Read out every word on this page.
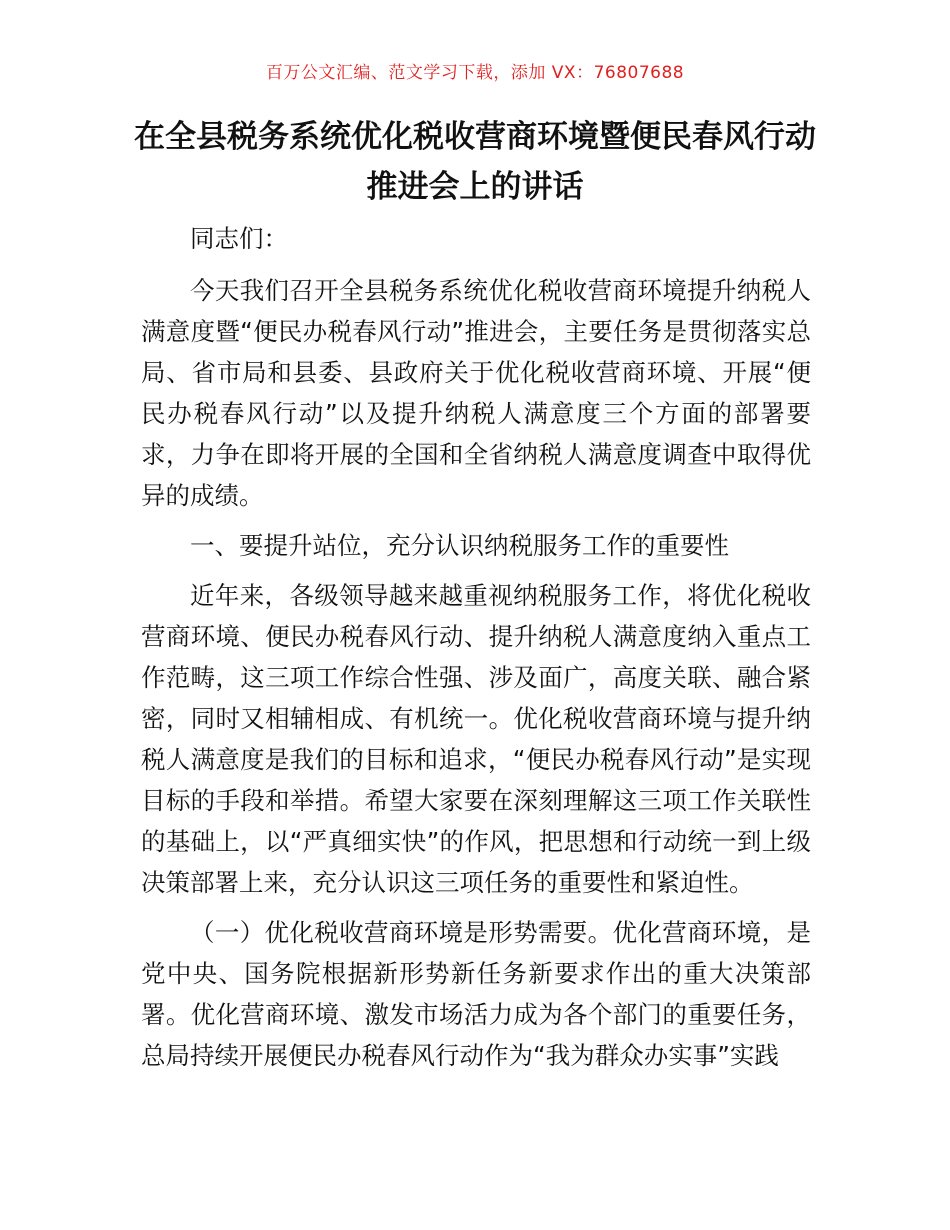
百万公文汇编、范文学习下载，添加 VX：76807688
在全县税务系统优化税收营商环境暨便民春风行动推进会上的讲话

同志们：

今天我们召开全县税务系统优化税收营商环境提升纳税人满意度暨“便民办税春风行动”推进会，主要任务是贯彻落实总局、省市局和县委、县政府关于优化税收营商环境、开展“便民办税春风行动”以及提升纳税人满意度三个方面的部署要求，力争在即将开展的全国和全省纳税人满意度调查中取得优异的成绩。

一、要提升站位，充分认识纳税服务工作的重要性

近年来，各级领导越来越重视纳税服务工作，将优化税收营商环境、便民办税春风行动、提升纳税人满意度纳入重点工作范畴，这三项工作综合性强、涉及面广，高度关联、融合紧密，同时又相辅相成、有机统一。优化税收营商环境与提升纳税人满意度是我们的目标和追求，“便民办税春风行动”是实现目标的手段和举措。希望大家要在深刻理解这三项工作关联性的基础上，以“严真细实快”的作风，把思想和行动统一到上级决策部署上来，充分认识这三项任务的重要性和紧迫性。

（一）优化税收营商环境是形势需要。优化营商环境，是党中央、国务院根据新形势新任务新要求作出的重大决策部署。优化营商环境、激发市场活力成为各个部门的重要任务，总局持续开展便民办税春风行动作为“我为群众办实事”实践
